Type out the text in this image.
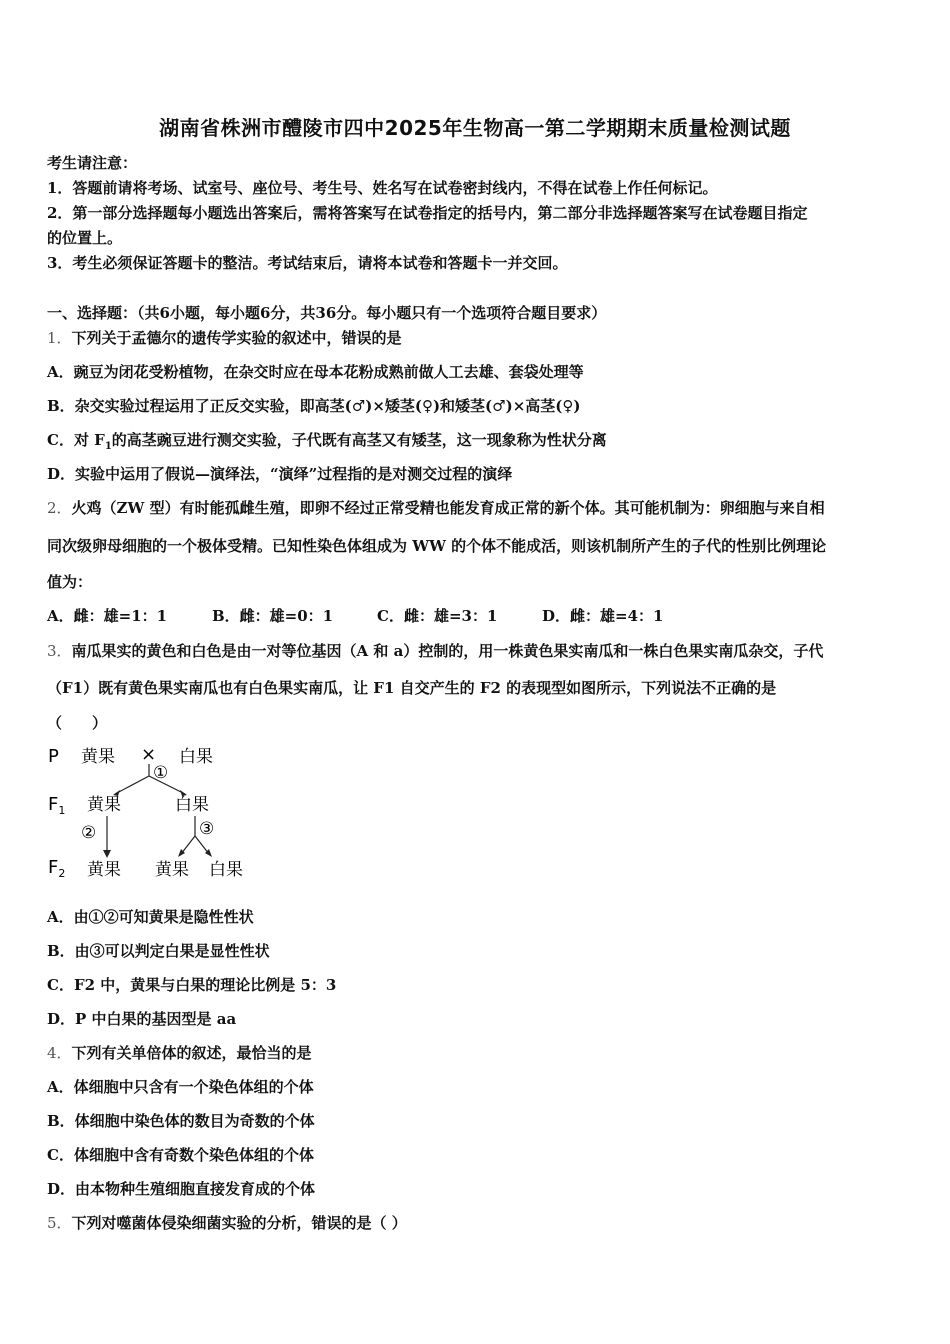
湖南省株洲市醴陵市四中2025年生物高一第二学期期末质量检测试题
考生请注意：
1．答题前请将考场、试室号、座位号、考生号、姓名写在试卷密封线内，不得在试卷上作任何标记。
2．第一部分选择题每小题选出答案后，需将答案写在试卷指定的括号内，第二部分非选择题答案写在试卷题目指定
的位置上。
3．考生必须保证答题卡的整洁。考试结束后，请将本试卷和答题卡一并交回。
一、选择题：（共6小题，每小题6分，共36分。每小题只有一个选项符合题目要求）
1．下列关于孟德尔的遗传学实验的叙述中，错误的是
A．豌豆为闭花受粉植物，在杂交时应在母本花粉成熟前做人工去雄、套袋处理等
B．杂交实验过程运用了正反交实验，即高茎(♂)×矮茎(♀)和矮茎(♂)×高茎(♀)
C．对 $F_1$的高茎豌豆进行测交实验，子代既有高茎又有矮茎，这一现象称为性状分离
D．实验中运用了假说—演绎法，“演绎”过程指的是对测交过程的演绎
2．火鸡（ZW 型）有时能孤雌生殖，即卵不经过正常受精也能发育成正常的新个体。其可能机制为：卵细胞与来自相
同次级卵母细胞的一个极体受精。已知性染色体组成为 WW 的个体不能成活，则该机制所产生的子代的性别比例理论
值为：
A．雌：雄=1：1	B．雌：雄=0：1	C．雌：雄=3：1	D．雌：雄=4：1
3．南瓜果实的黄色和白色是由一对等位基因（A 和 a）控制的，用一株黄色果实南瓜和一株白色果实南瓜杂交，子代
（F1）既有黄色果实南瓜也有白色果实南瓜，让 F1 自交产生的 F2 的表现型如图所示，下列说法不正确的是
（　　）
P 黄果 × 白果
①
$F_1$ 黄果	白果
②	③
$F_2$ 黄果 黄果 白果
A．由①②可知黄果是隐性性状
B．由③可以判定白果是显性性状
C．F2 中，黄果与白果的理论比例是 5：3
D．P 中白果的基因型是 aa
4．下列有关单倍体的叙述，最恰当的是
A．体细胞中只含有一个染色体组的个体
B．体细胞中染色体的数目为奇数的个体
C．体细胞中含有奇数个染色体组的个体
D．由本物种生殖细胞直接发育成的个体
5．下列对噬菌体侵染细菌实验的分析，错误的是（ ）
